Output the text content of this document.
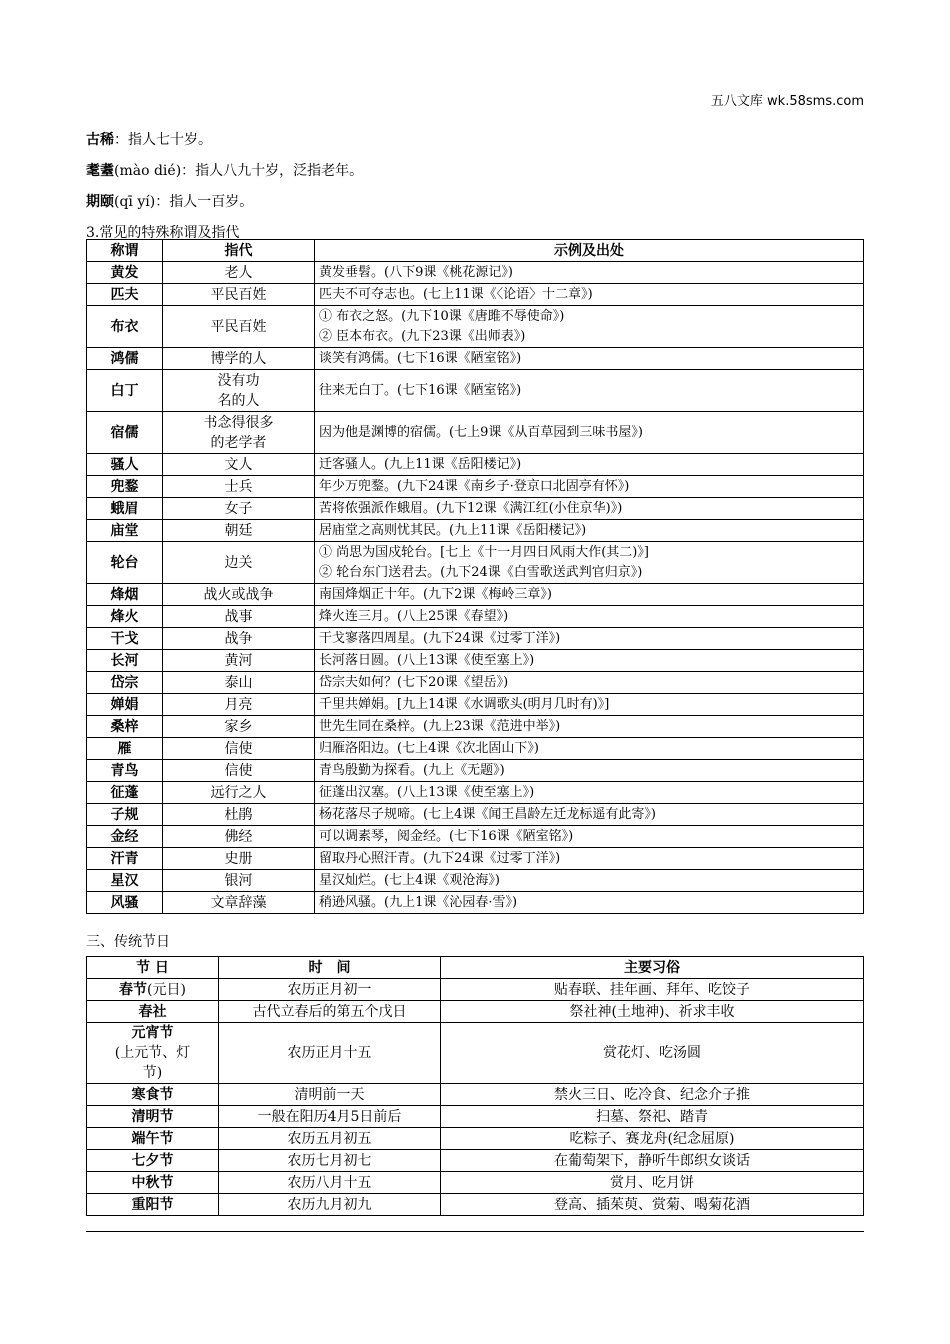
五八文库 wk.58sms.com
古稀：指人七十岁。
耄耋(mào dié)：指人八九十岁，泛指老年。
期颐(qī yí)：指人一百岁。
3.常见的特殊称谓及指代
称谓	指代	示例及出处
黄发	老人	黄发垂髫。(八下9课《桃花源记》)
匹夫	平民百姓	匹夫不可夺志也。(七上11课《〈论语〉十二章》)
布衣	平民百姓	① 布衣之怒。(九下10课《唐雎不辱使命》)
② 臣本布衣。(九下23课《出师表》)
鸿儒	博学的人	谈笑有鸿儒。(七下16课《陋室铭》)
白丁	没有功
名的人	往来无白丁。(七下16课《陋室铭》)
宿儒	书念得很多
的老学者	因为他是渊博的宿儒。(七上9课《从百草园到三味书屋》)
骚人	文人	迁客骚人。(九上11课《岳阳楼记》)
兜鍪	士兵	年少万兜鍪。(九下24课《南乡子·登京口北固亭有怀》)
蛾眉	女子	苦将侬强派作蛾眉。(九下12课《满江红(小住京华)》)
庙堂	朝廷	居庙堂之高则忧其民。(九上11课《岳阳楼记》)
轮台	边关	① 尚思为国戍轮台。[七上《十一月四日风雨大作(其二)》]
② 轮台东门送君去。(九下24课《白雪歌送武判官归京》)
烽烟	战火或战争	南国烽烟正十年。(九下2课《梅岭三章》)
烽火	战事	烽火连三月。(八上25课《春望》)
干戈	战争	干戈寥落四周星。(九下24课《过零丁洋》)
长河	黄河	长河落日圆。(八上13课《使至塞上》)
岱宗	泰山	岱宗夫如何？(七下20课《望岳》)
婵娟	月亮	千里共婵娟。[九上14课《水调歌头(明月几时有)》]
桑梓	家乡	世先生同在桑梓。(九上23课《范进中举》)
雁	信使	归雁洛阳边。(七上4课《次北固山下》)
青鸟	信使	青鸟殷勤为探看。(九上《无题》)
征蓬	远行之人	征蓬出汉塞。(八上13课《使至塞上》)
子规	杜鹃	杨花落尽子规啼。(七上4课《闻王昌龄左迁龙标遥有此寄》)
金经	佛经	可以调素琴，阅金经。(七下16课《陋室铭》)
汗青	史册	留取丹心照汗青。(九下24课《过零丁洋》)
星汉	银河	星汉灿烂。(七上4课《观沧海》)
风骚	文章辞藻	稍逊风骚。(九上1课《沁园春·雪》)
三、传统节日
节 日	时　间	主要习俗
春节(元日)	农历正月初一	贴春联、挂年画、拜年、吃饺子
春社	古代立春后的第五个戊日	祭社神(土地神)、祈求丰收

元宵节
(上元节、灯
节)	农历正月十五	赏花灯、吃汤圆
寒食节	清明前一天	禁火三日、吃冷食、纪念介子推
清明节	一般在阳历4月5日前后	扫墓、祭祀、踏青
端午节	农历五月初五	吃粽子、赛龙舟(纪念屈原)
七夕节	农历七月初七	在葡萄架下，静听牛郎织女谈话
中秋节	农历八月十五	赏月、吃月饼
重阳节	农历九月初九	登高、插茱萸、赏菊、喝菊花酒
